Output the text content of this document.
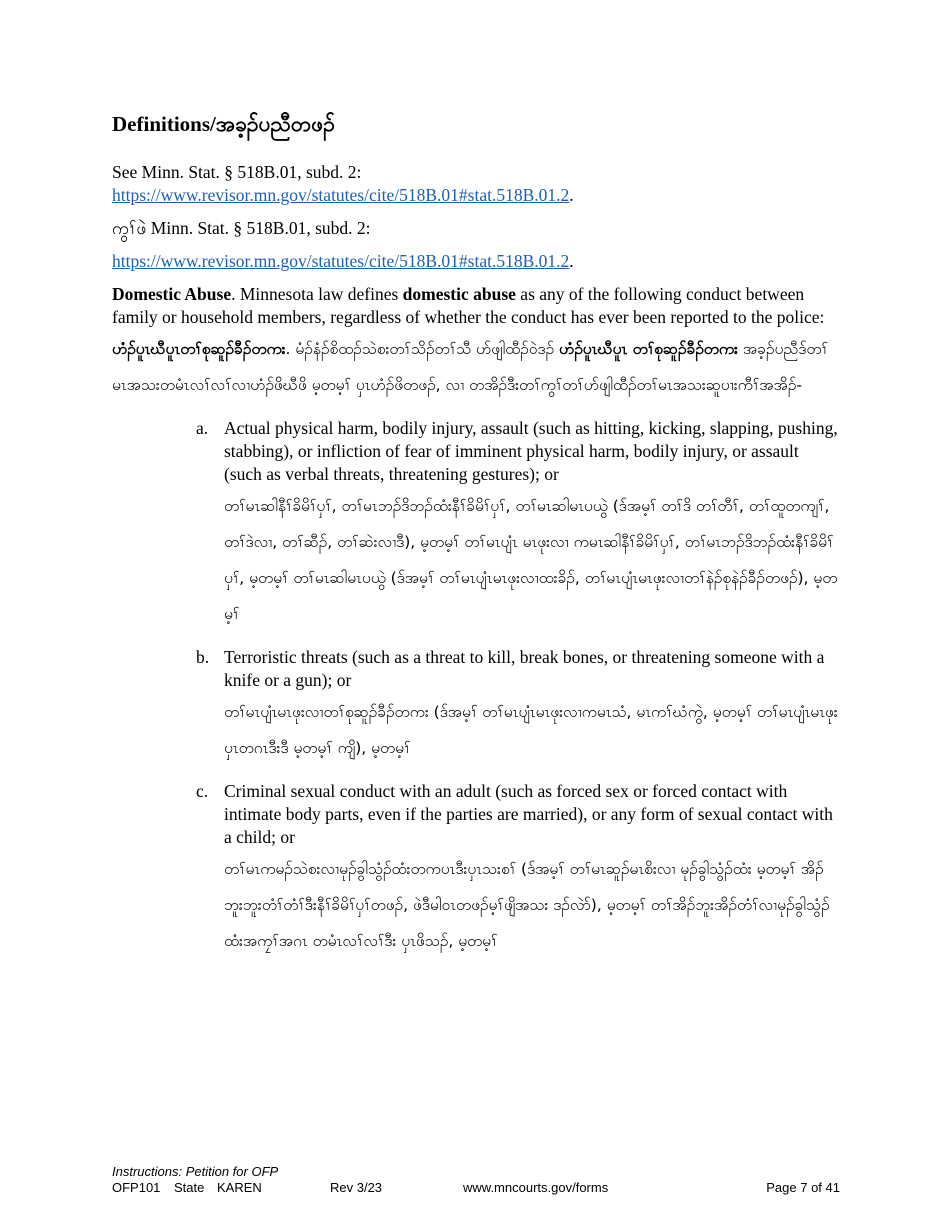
Definitions/အခ့ၣ်ပညီတဖၣ်

See Minn. Stat. § 518B.01, subd. 2:
https://www.revisor.mn.gov/statutes/cite/518B.01#stat.518B.01.2.

ကွၢ်ဖဲ Minn. Stat. § 518B.01, subd. 2:

https://www.revisor.mn.gov/statutes/cite/518B.01#stat.518B.01.2.

Domestic Abuse. Minnesota law defines domestic abuse as any of the following conduct between family or household members, regardless of whether the conduct has ever been reported to the police:

ဟံၣ်ပူၤဃီပူၤတၢ်စုဆူၣ်ခီၣ်တကး. မံၣ်နံၣ်စိထၣ်သဲစးတၢ်သိၣ်တၢ်သီ ဟ်ဖျါထီၣ်ဝဲဒၣ် ဟံၣ်ပူၤဃီပူၤ တၢ်စုဆူၣ်ခီၣ်တကး အခ့ၣ်ပညီဒ်တၢ်မၤအသးတမံၤလၢ်လၢ်လၢဟံၣ်ဖိဃီဖိ မ့တမ့ၢ် ပှၤဟံၣ်ဖိတဖၣ်, လၢ တအိၣ်ဒီးတၢ်ကွၢ်တၢ်ဟ်ဖျါထီၣ်တၢ်မၤအသးဆူပၢးကီၢ်အအိၣ်-

a. Actual physical harm, bodily injury, assault (such as hitting, kicking, slapping, pushing, stabbing), or infliction of fear of imminent physical harm, bodily injury, or assault (such as verbal threats, threatening gestures); or

တၢ်မၤဆါနီၢ်ခိမိၢ်ပှၢ်, တၢ်မၤဘၣ်ဒိဘၣ်ထံးနီၢ်ခိမိၢ်ပှၢ်, တၢ်မၤဆါမၤပယွဲ (ဒ်အမ့ၢ် တၢ်ဒိ တၢ်တီၢ်, တၢ်ထူတကျၢ်, တၢ်ဒဲလၢ, တၢ်ဆီၣ်, တၢ်ဆဲးလၢဒီ), မ့တမ့ၢ် တၢ်မၤပျံၤ မၤဖုးလၢ ကမၤဆါနီၢ်ခိမိၢ်ပှၢ်, တၢ်မၤဘၣ်ဒိဘၣ်ထံးနီၢ်ခိမိၢ်ပှၢ်, မ့တမ့ၢ် တၢ်မၤဆါမၤပယွဲ (ဒ်အမ့ၢ် တၢ်မၤပျံၤမၤဖုးလၢထးခိၣ်, တၢ်မၤပျံၤမၤဖုးလၢတၢ်နဲၣ်စုနဲၣ်ခီၣ်တဖၣ်), မ့တမ့ၢ်

b. Terroristic threats (such as a threat to kill, break bones, or threatening someone with a knife or a gun); or

တၢ်မၤပျံၤမၤဖုးလၢတၢ်စုဆူၣ်ခီၣ်တကး (ဒ်အမ့ၢ် တၢ်မၤပျံၤမၤဖုးလၢကမၤသံ, မၤကၢ်ဃံကွဲ, မ့တမ့ၢ် တၢ်မၤပျံၤမၤဖုးပှၤတဂၤဒီးဒီ မ့တမ့ၢ် ကျိ), မ့တမ့ၢ်

c. Criminal sexual conduct with an adult (such as forced sex or forced contact with intimate body parts, even if the parties are married), or any form of sexual contact with a child; or

တၢ်မၤကမၣ်သဲစးလၢမုၣ်ခွါသွံၣ်ထံးတကပၤဒီးပှၤသးစၢ် (ဒ်အမ့ၢ် တၢ်မၤဆူၣ်မၤစိးလၢ မုၣ်ခွါသွံၣ်ထံး မ့တမ့ၢ် အိၣ်ဘူးဘူးတံၢ်တံၢ်ဒီးနီၢ်ခိမိၢ်ပှၢ်တဖၣ်, ဖဲဒီမါဝၤတဖၣ်မ့ၢ်ဖျိအသး ဒၣ်လဲာ်), မ့တမ့ၢ် တၢ်အိၣ်ဘူးအိၣ်တံၢ်လၢမုၣ်ခွါသွံၣ်ထံးအကၠၢ်အဂၤ တမံၤလၢ်လၢ်ဒီး ပှၤဖိသၣ်, မ့တမ့ၢ်

Instructions: Petition for OFP
OFP101 State KAREN	Rev 3/23	www.mncourts.gov/forms	Page 7 of 41
